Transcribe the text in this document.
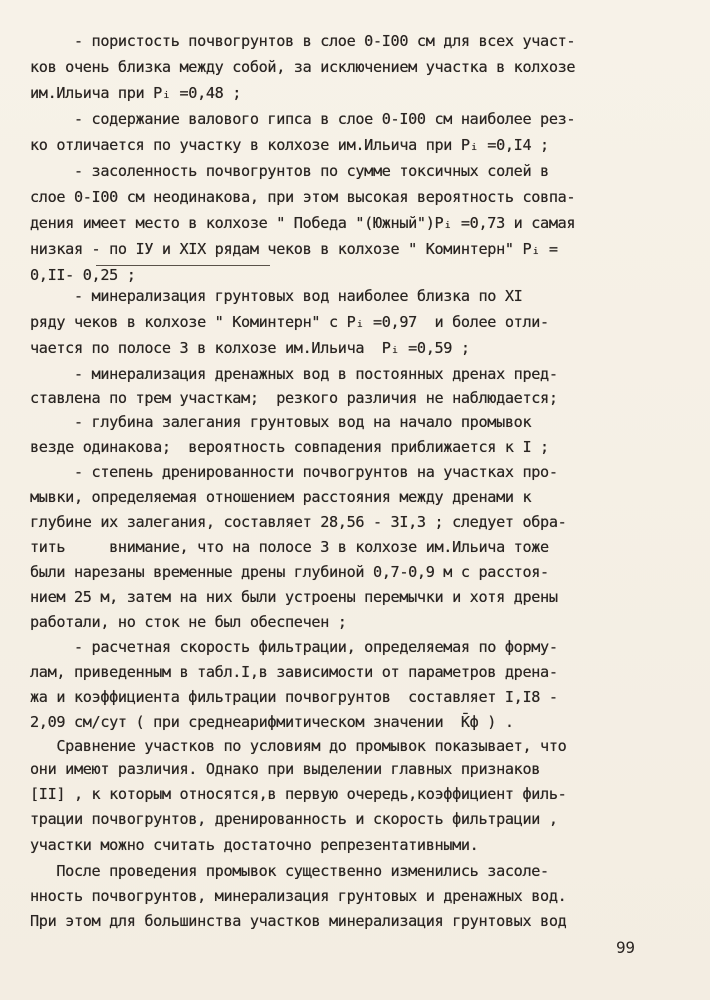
- пористость почвогрунтов в слое 0-I00 см для всех участ-
ков очень близка между собой, за исключением участка в колхозе
им.Ильича при Pᵢ =0,48 ;
- содержание валового гипса в слое 0-I00 см наиболее рез-
ко отличается по участку в колхозе им.Ильича при Pᵢ =0,I4 ;
- засоленность почвогрунтов по сумме токсичных солей в
слое 0-I00 см неодинакова, при этом высокая вероятность совпа-
дения имеет место в колхозе " Победа "(Южный")Pᵢ =0,73 и самая
низкая - по IУ и XIX рядам чеков в колхозе " Коминтерн" Pᵢ =
0,II- 0,25 ;
- минерализация грунтовых вод наиболее близка по XI
ряду чеков в колхозе " Коминтерн" с Pᵢ =0,97  и более отли-
чается по полосе 3 в колхозе им.Ильича  Pᵢ =0,59 ;
- минерализация дренажных вод в постоянных дренах пред-
ставлена по трем участкам;  резкого различия не наблюдается;
- глубина залегания грунтовых вод на начало промывок
везде одинакова;  вероятность совпадения приближается к I ;
- степень дренированности почвогрунтов на участках про-
мывки, определяемая отношением расстояния между дренами к
глубине их залегания, составляет 28,56 - 3I,3 ; следует обра-
тить     внимание, что на полосе 3 в колхозе им.Ильича тоже
были нарезаны временные дрены глубиной 0,7-0,9 м с расстоя-
нием 25 м, затем на них были устроены перемычки и хотя дрены
работали, но сток не был обеспечен ;
- расчетная скорость фильтрации, определяемая по форму-
лам, приведенным в табл.I,в зависимости от параметров дрена-
жа и коэффициента фильтрации почвогрунтов  составляет I,I8 -
2,09 см/сут ( при среднеарифмитическом значении  K̄ф ) .
Сравнение участков по условиям до промывок показывает, что
они имеют различия. Однако при выделении главных признаков
[II] , к которым относятся,в первую очередь,коэффициент филь-
трации почвогрунтов, дренированность и скорость фильтрации ,
участки можно считать достаточно репрезентативными.
После проведения промывок существенно изменились засоле-
нность почвогрунтов, минерализация грунтовых и дренажных вод.
При этом для большинства участков минерализация грунтовых вод
99
